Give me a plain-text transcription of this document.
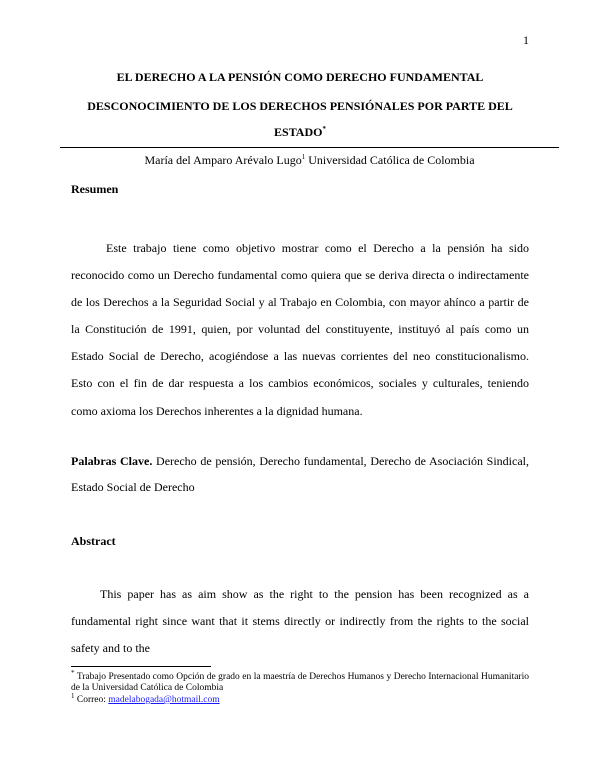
1
EL DERECHO A LA PENSIÓN COMO DERECHO FUNDAMENTAL
DESCONOCIMIENTO DE LOS DERECHOS PENSIÓNALES POR PARTE DEL
ESTADO*
María del Amparo Arévalo Lugo$^1$ Universidad Católica de Colombia
Resumen

Este trabajo tiene como objetivo mostrar como el Derecho a la pensión ha sido reconocido como un Derecho fundamental como quiera que se deriva directa o indirectamente de los Derechos a la Seguridad Social y al Trabajo en Colombia, con mayor ahínco a partir de la Constitución de 1991, quien, por voluntad del constituyente, instituyó al país como un Estado Social de Derecho, acogiéndose a las nuevas corrientes del neo constitucionalismo. Esto con el fin de dar respuesta a los cambios económicos, sociales y culturales, teniendo como axioma los Derechos inherentes a la dignidad humana.

Palabras Clave. Derecho de pensión, Derecho fundamental, Derecho de Asociación Sindical, Estado Social de Derecho

Abstract

This paper has as aim show as the right to the pension has been recognized as a fundamental right since want that it stems directly or indirectly from the rights to the social safety and to the

* Trabajo Presentado como Opción de grado en la maestría de Derechos Humanos y Derecho Internacional Humanitario de la Universidad Católica de Colombia

$^1$ Correo: madelabogada@hotmail.com
